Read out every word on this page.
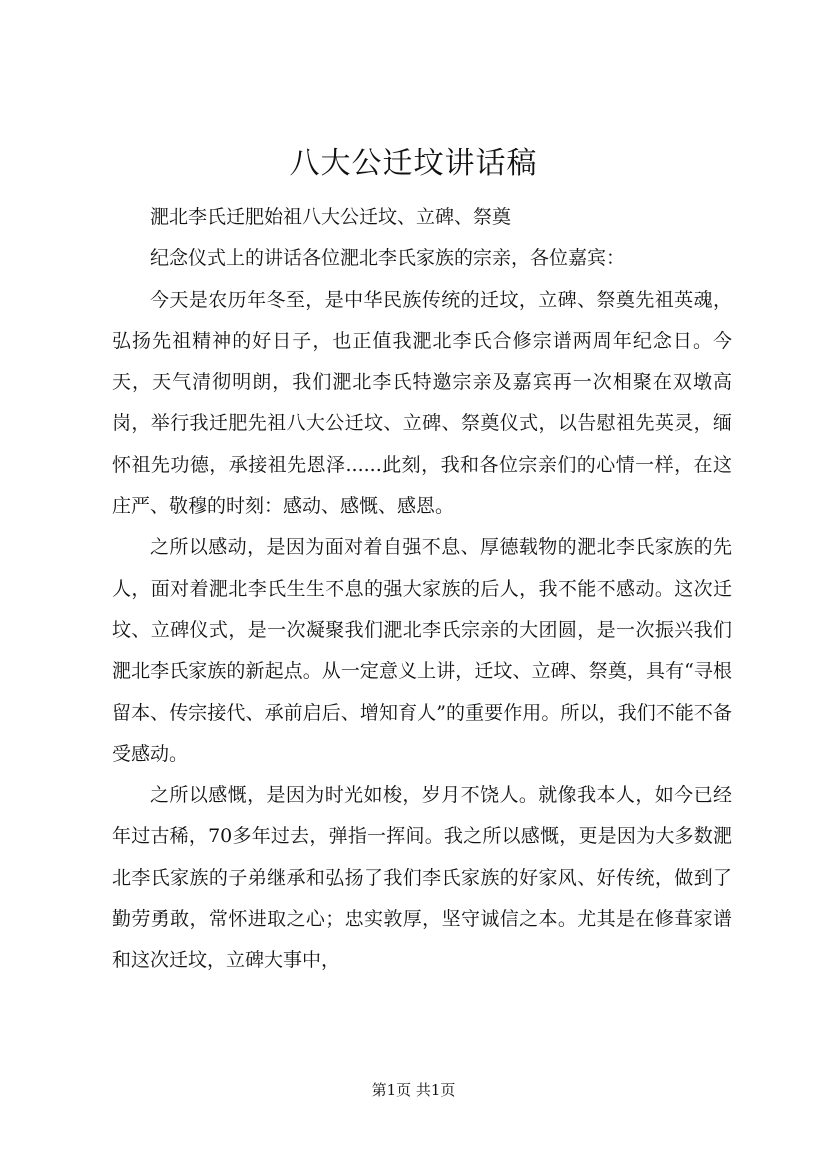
八大公迁坟讲话稿

淝北李氏迁肥始祖八大公迁坟、立碑、祭奠

纪念仪式上的讲话各位淝北李氏家族的宗亲，各位嘉宾：

今天是农历年冬至，是中华民族传统的迁坟，立碑、祭奠先祖英魂，弘扬先祖精神的好日子，也正值我淝北李氏合修宗谱两周年纪念日。今天，天气清彻明朗，我们淝北李氏特邀宗亲及嘉宾再一次相聚在双墩高岗，举行我迁肥先祖八大公迁坟、立碑、祭奠仪式，以告慰祖先英灵，缅怀祖先功德，承接祖先恩泽......此刻，我和各位宗亲们的心情一样，在这庄严、敬穆的时刻：感动、感慨、感恩。

之所以感动，是因为面对着自强不息、厚德载物的淝北李氏家族的先人，面对着淝北李氏生生不息的强大家族的后人，我不能不感动。这次迁坟、立碑仪式，是一次凝聚我们淝北李氏宗亲的大团圆，是一次振兴我们淝北李氏家族的新起点。从一定意义上讲，迁坟、立碑、祭奠，具有“寻根留本、传宗接代、承前启后、增知育人”的重要作用。所以，我们不能不备受感动。

之所以感慨，是因为时光如梭，岁月不饶人。就像我本人，如今已经年过古稀，70多年过去，弹指一挥间。我之所以感慨，更是因为大多数淝北李氏家族的子弟继承和弘扬了我们李氏家族的好家风、好传统，做到了勤劳勇敢，常怀进取之心；忠实敦厚，坚守诚信之本。尤其是在修葺家谱和这次迁坟，立碑大事中，

第1页 共1页
